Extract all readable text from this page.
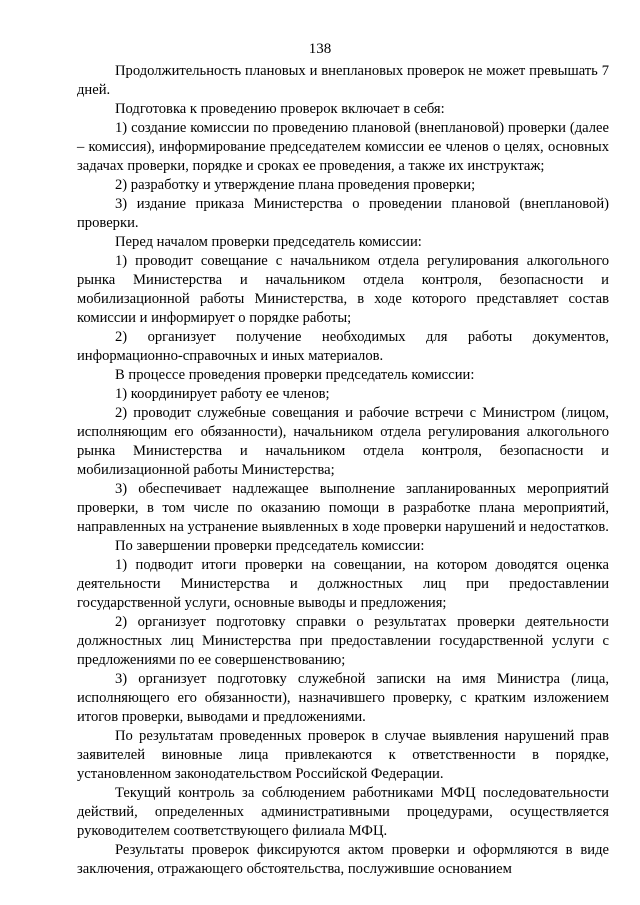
138

Продолжительность плановых и внеплановых проверок не может превышать 7 дней.

Подготовка к проведению проверок включает в себя:

1) создание комиссии по проведению плановой (внеплановой) проверки (далее – комиссия), информирование председателем комиссии ее членов о целях, основных задачах проверки, порядке и сроках ее проведения, а также их инструктаж;

2) разработку и утверждение плана проведения проверки;

3) издание приказа Министерства о проведении плановой (внеплановой) проверки.

Перед началом проверки председатель комиссии:

1) проводит совещание с начальником отдела регулирования алкогольного рынка Министерства и начальником отдела контроля, безопасности и мобилизационной работы Министерства, в ходе которого представляет состав комиссии и информирует о порядке работы;

2) организует получение необходимых для работы документов, информационно-справочных и иных материалов.

В процессе проведения проверки председатель комиссии:

1) координирует работу ее членов;

2) проводит служебные совещания и рабочие встречи с Министром (лицом, исполняющим его обязанности), начальником отдела регулирования алкогольного рынка Министерства и начальником отдела контроля, безопасности и мобилизационной работы Министерства;

3) обеспечивает надлежащее выполнение запланированных мероприятий проверки, в том числе по оказанию помощи в разработке плана мероприятий, направленных на устранение выявленных в ходе проверки нарушений и недостатков.

По завершении проверки председатель комиссии:

1) подводит итоги проверки на совещании, на котором доводятся оценка деятельности Министерства и должностных лиц при предоставлении государственной услуги, основные выводы и предложения;

2) организует подготовку справки о результатах проверки деятельности должностных лиц Министерства при предоставлении государственной услуги с предложениями по ее совершенствованию;

3) организует подготовку служебной записки на имя Министра (лица, исполняющего его обязанности), назначившего проверку, с кратким изложением итогов проверки, выводами и предложениями.

По результатам проведенных проверок в случае выявления нарушений прав заявителей виновные лица привлекаются к ответственности в порядке, установленном законодательством Российской Федерации.

Текущий контроль за соблюдением работниками МФЦ последовательности действий, определенных административными процедурами, осуществляется руководителем соответствующего филиала МФЦ.

Результаты проверок фиксируются актом проверки и оформляются в виде заключения, отражающего обстоятельства, послужившие основанием
